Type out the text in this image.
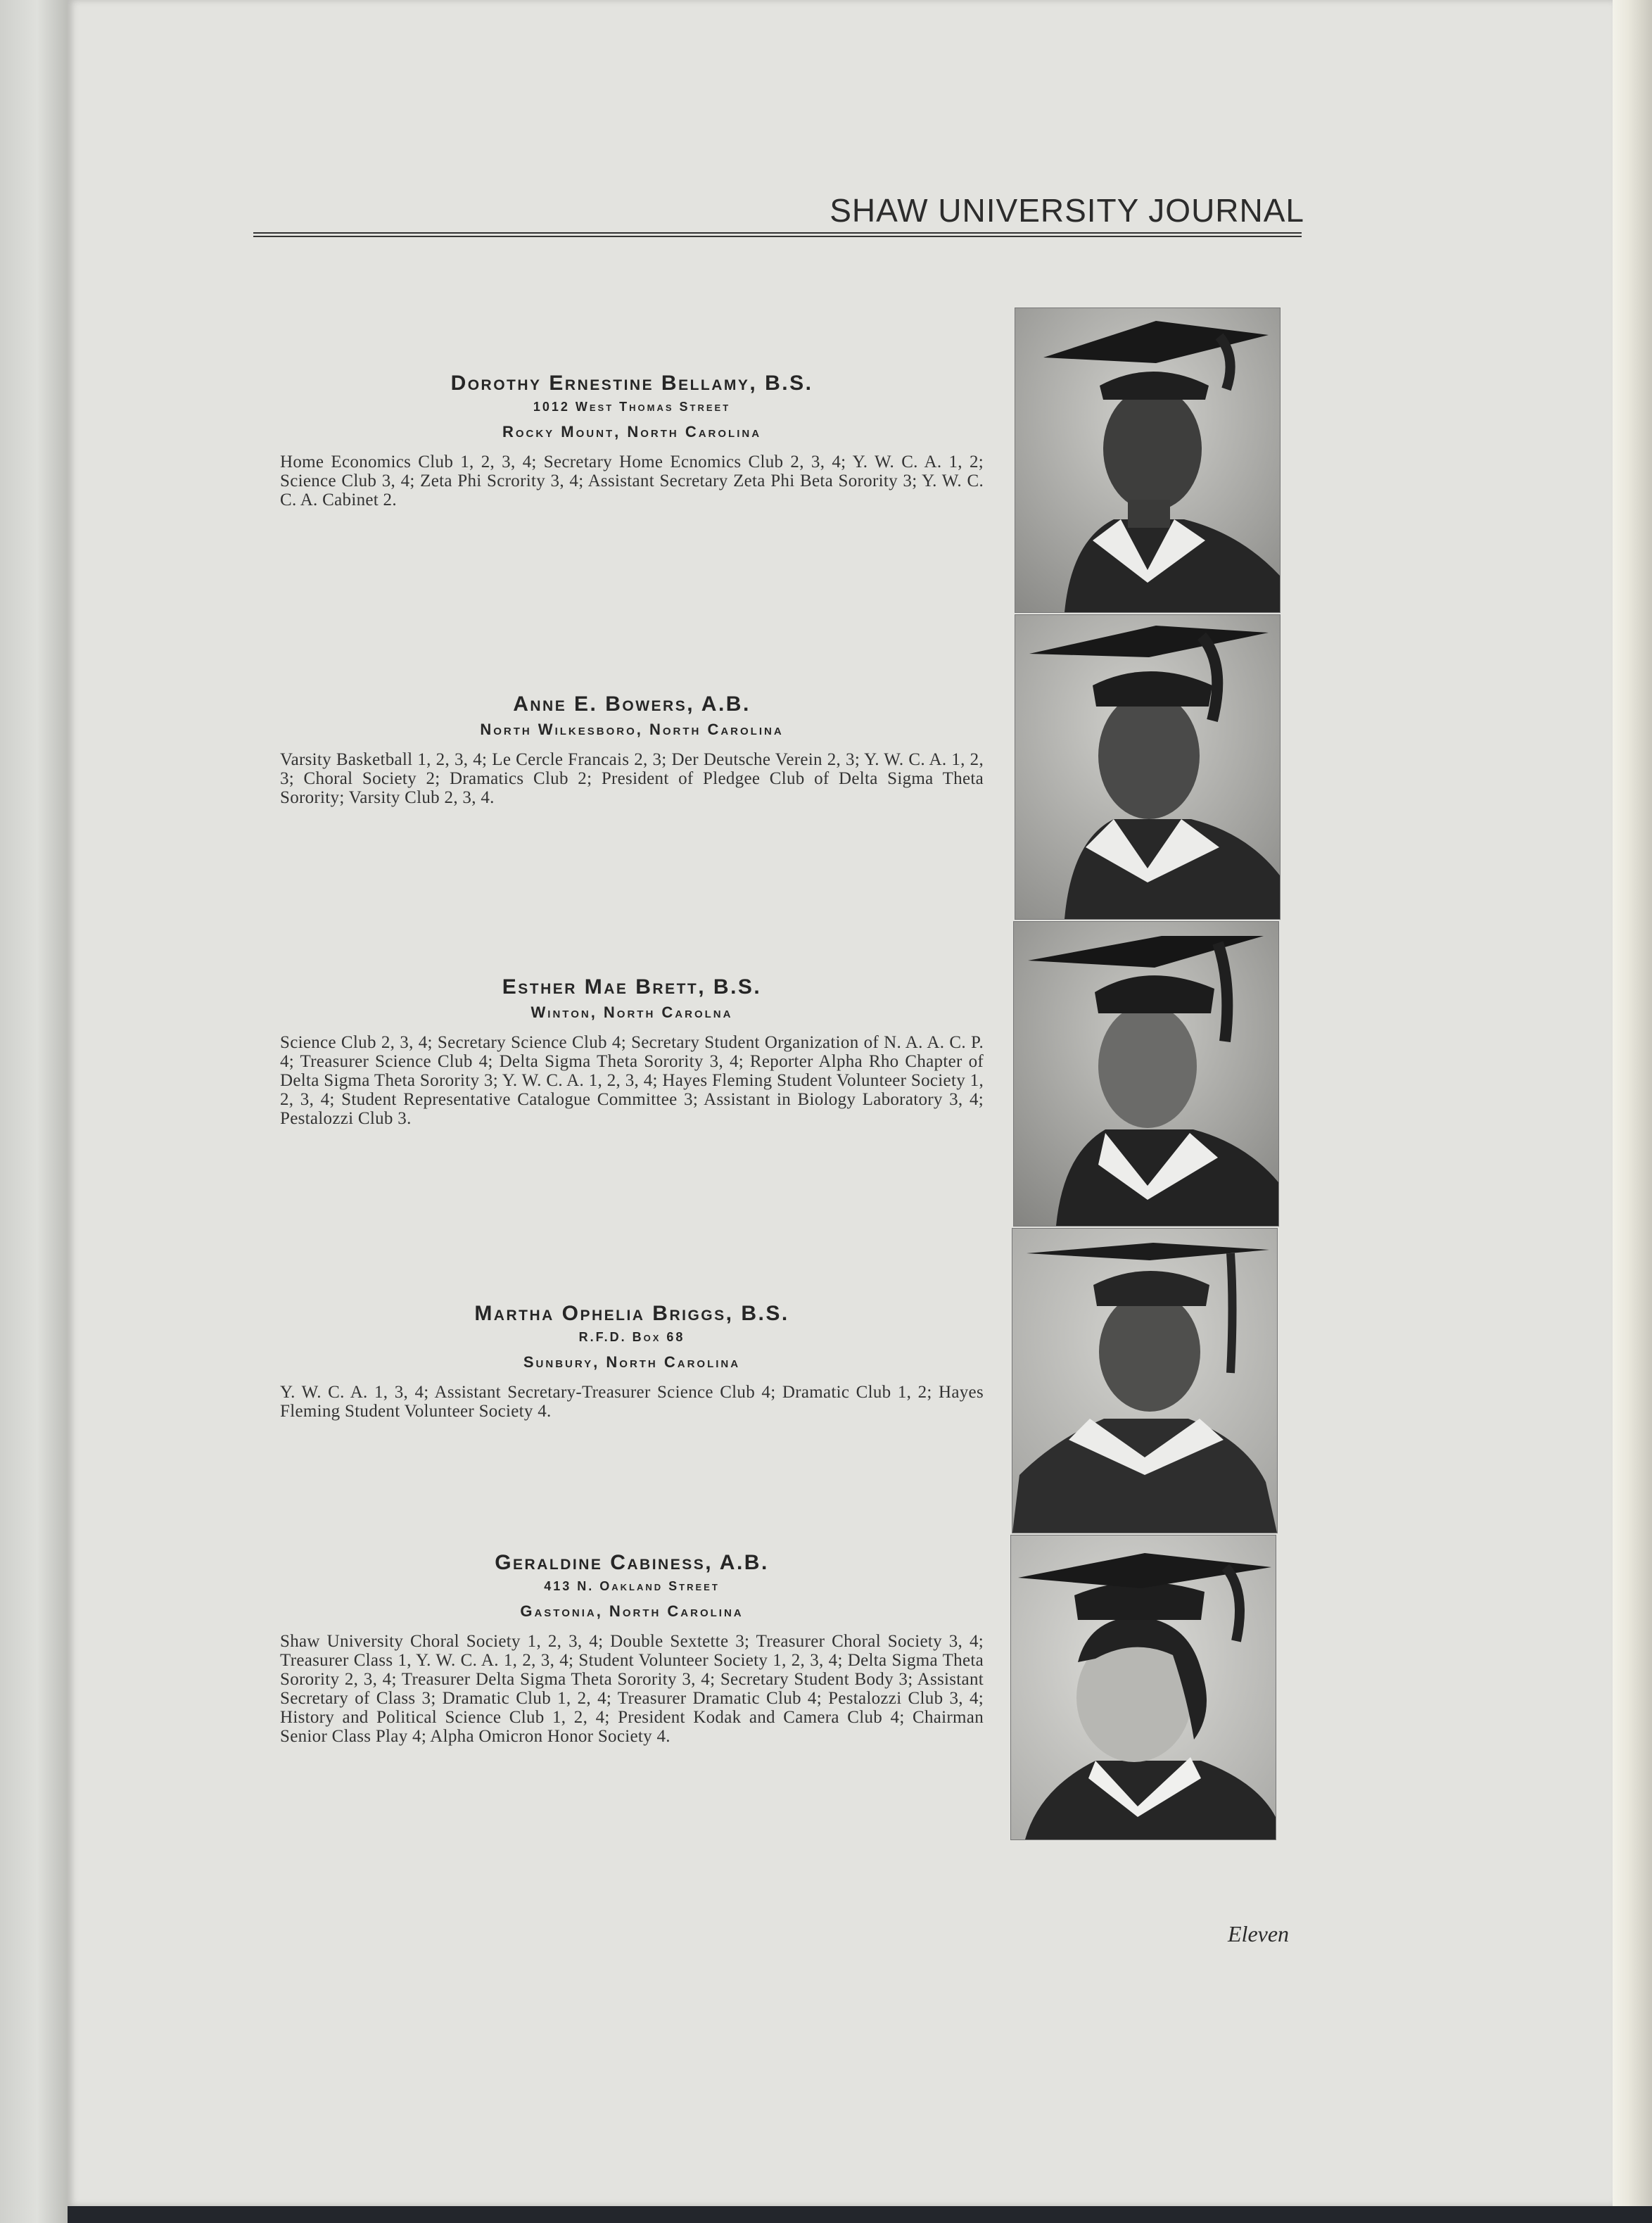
SHAW UNIVERSITY JOURNAL
Dorothy Ernestine Bellamy, B.S.
1012 West Thomas Street
Rocky Mount, North Carolina

Home Economics Club 1, 2, 3, 4; Secretary Home Ecnomics Club 2, 3, 4; Y. W. C. A. 1, 2; Science Club 3, 4; Zeta Phi Scrority 3, 4; Assistant Secretary Zeta Phi Beta Sorority 3; Y. W. C. C. A. Cabinet 2.

Anne E. Bowers, A.B.
North Wilkesboro, North Carolina

Varsity Basketball 1, 2, 3, 4; Le Cercle Francais 2, 3; Der Deutsche Verein 2, 3; Y. W. C. A. 1, 2, 3; Choral Society 2; Dramatics Club 2; President of Pledgee Club of Delta Sigma Theta Sorority; Varsity Club 2, 3, 4.

Esther Mae Brett, B.S.
Winton, North Carolna

Science Club 2, 3, 4; Secretary Science Club 4; Secretary Student Organization of N. A. A. C. P. 4; Treasurer Science Club 4; Delta Sigma Theta Sorority 3, 4; Reporter Alpha Rho Chapter of Delta Sigma Theta Sorority 3; Y. W. C. A. 1, 2, 3, 4; Hayes Fleming Student Volunteer Society 1, 2, 3, 4; Student Representative Catalogue Committee 3; Assistant in Biology Laboratory 3, 4; Pestalozzi Club 3.

Martha Ophelia Briggs, B.S.
R.F.D. Box 68
Sunbury, North Carolina

Y. W. C. A. 1, 3, 4; Assistant Secretary-Treasurer Science Club 4; Dramatic Club 1, 2; Hayes Fleming Student Volunteer Society 4.

Geraldine Cabiness, A.B.
413 N. Oakland Street
Gastonia, North Carolina

Shaw University Choral Society 1, 2, 3, 4; Double Sextette 3; Treasurer Choral Society 3, 4; Treasurer Class 1, Y. W. C. A. 1, 2, 3, 4; Student Volunteer Society 1, 2, 3, 4; Delta Sigma Theta Sorority 2, 3, 4; Treasurer Delta Sigma Theta Sorority 3, 4; Secretary Student Body 3; Assistant Secretary of Class 3; Dramatic Club 1, 2, 4; Treasurer Dramatic Club 4; Pestalozzi Club 3, 4; History and Political Science Club 1, 2, 4; President Kodak and Camera Club 4; Chairman Senior Class Play 4; Alpha Omicron Honor Society 4.

Eleven
